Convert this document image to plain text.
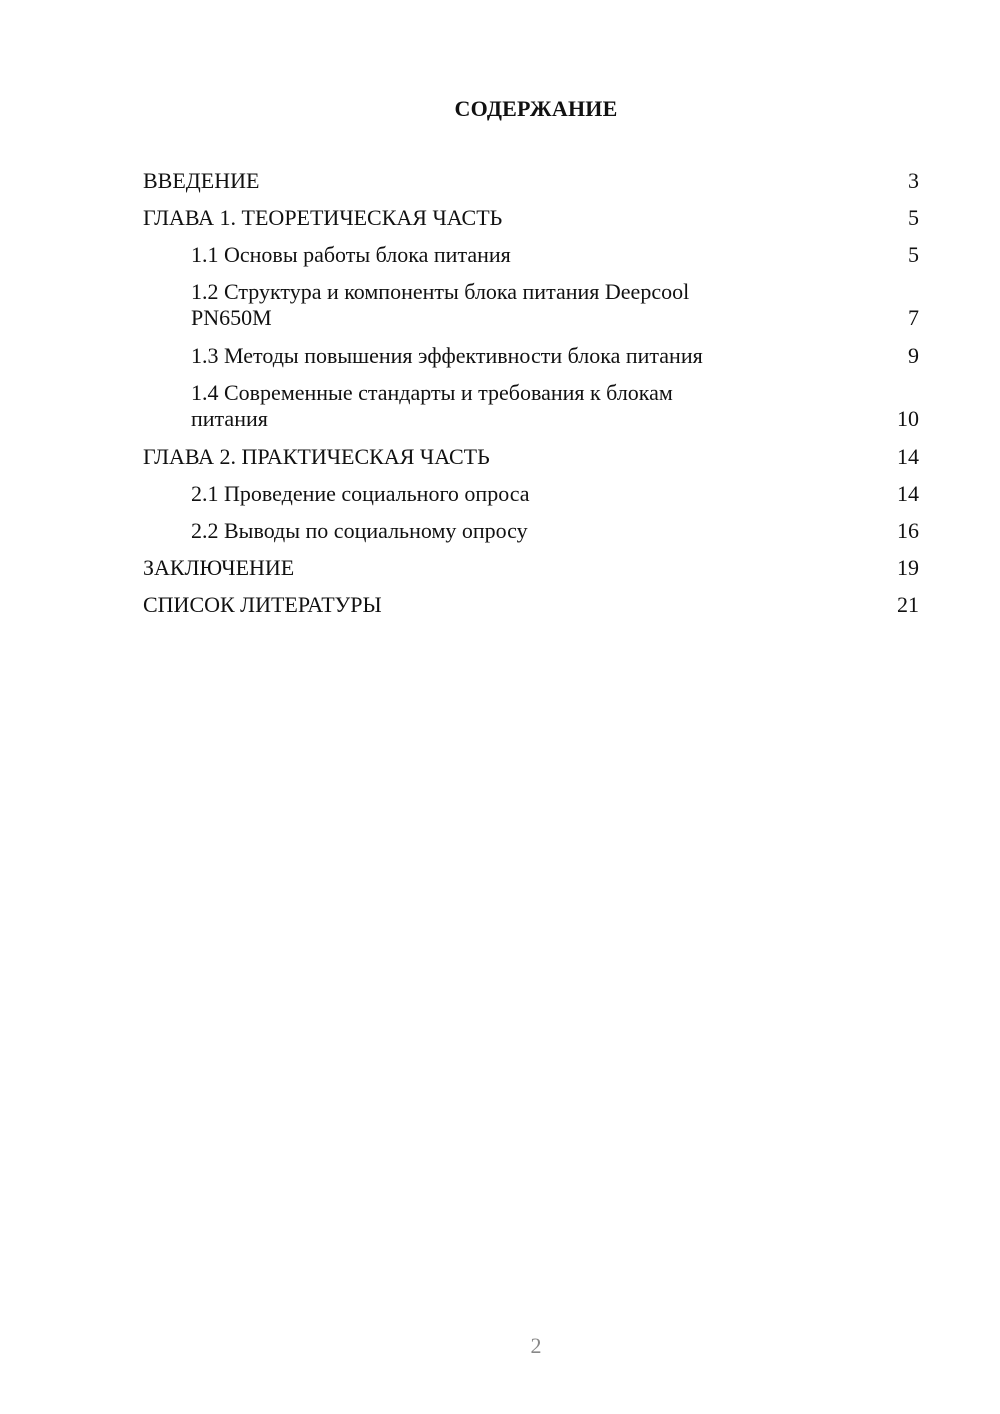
СОДЕРЖАНИЕ
ВВЕДЕНИЕ	3
ГЛАВА 1. ТЕОРЕТИЧЕСКАЯ ЧАСТЬ	5
1.1 Основы работы блока питания	5
1.2 Структура и компоненты блока питания Deepcool
PN650M	7
1.3 Методы повышения эффективности блока питания	9
1.4 Современные стандарты и требования к блокам
питания	10
ГЛАВА 2. ПРАКТИЧЕСКАЯ ЧАСТЬ	14
2.1 Проведение социального опроса	14
2.2 Выводы по социальному опросу	16
ЗАКЛЮЧЕНИЕ	19
СПИСОК ЛИТЕРАТУРЫ	21
2
